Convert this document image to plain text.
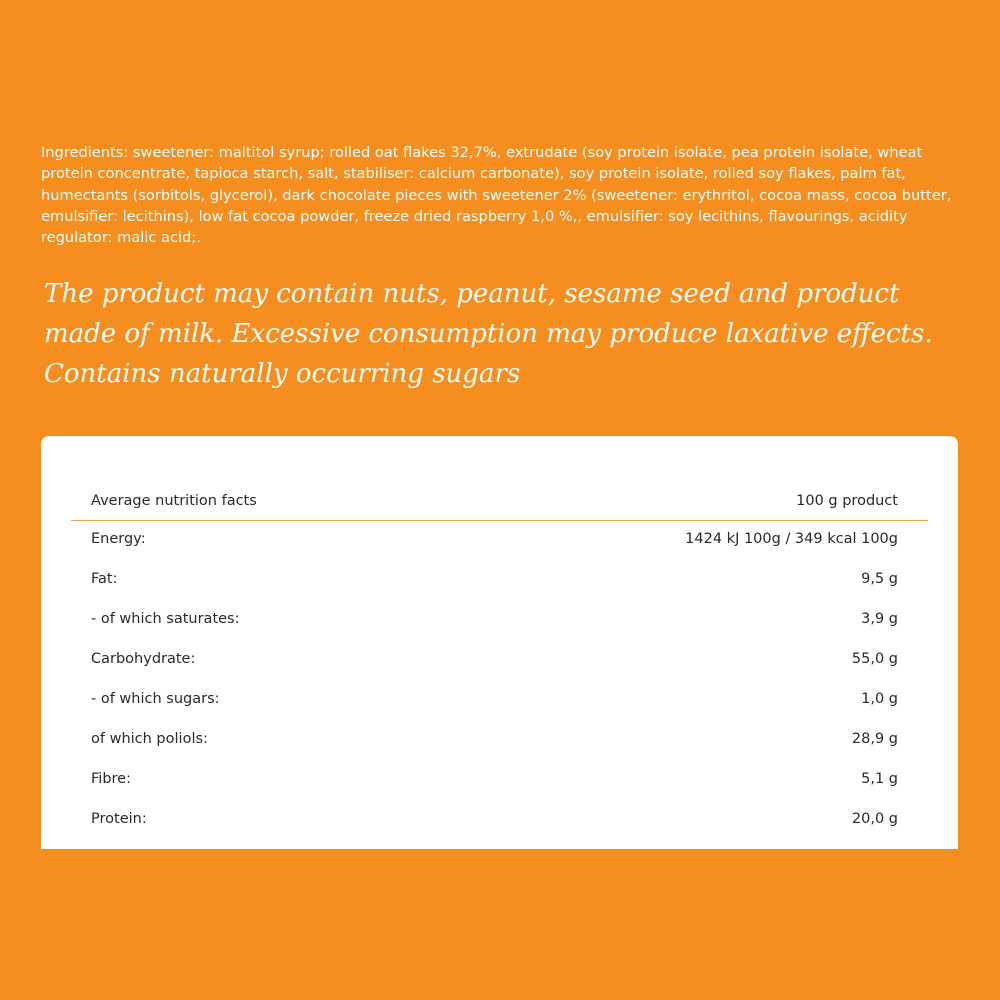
Ingredients: sweetener: maltitol syrup; rolled oat flakes 32,7%, extrudate (soy protein isolate, pea protein isolate, wheat protein concentrate, tapioca starch, salt, stabiliser: calcium carbonate), soy protein isolate, rolled soy flakes, palm fat, humectants (sorbitols, glycerol), dark chocolate pieces with sweetener 2% (sweetener: erythritol, cocoa mass, cocoa butter, emulsifier: lecithins), low fat cocoa powder, freeze dried raspberry 1,0 %,, emulsifier: soy lecithins, flavourings, acidity regulator: malic acid;.

The product may contain nuts, peanut, sesame seed and product made of milk. Excessive consumption may produce laxative effects. Contains naturally occurring sugars

Average nutrition facts	100 g product
Energy:	1424 kJ 100g / 349 kcal 100g
Fat:	9,5 g
- of which saturates:	3,9 g
Carbohydrate:	55,0 g
- of which sugars:	1,0 g
of which poliols:	28,9 g
Fibre:	5,1 g
Protein:	20,0 g
